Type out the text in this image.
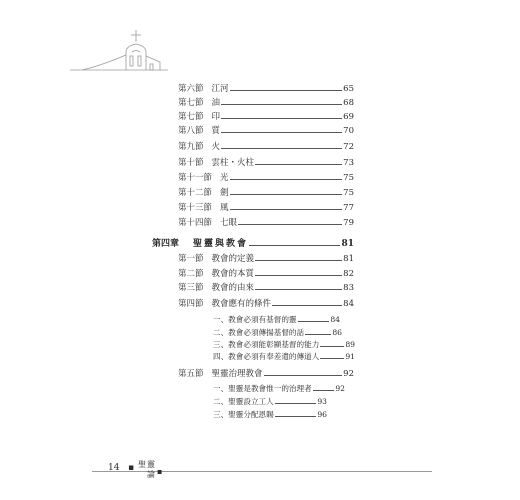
第六節 江河	65
第七節 油	68
第七節 印	69
第八節 質	70
第九節 火	72
第十節 雲柱・火柱	73
第十一節 光	75
第十二節 劍	75
第十三節 風	77
第十四節 七眼	79
第四章 聖靈與教會	81
第一節 教會的定義	81
第二節 教會的本質	82
第三節 教會的由來	83
第四節 教會應有的條件	84
一、教會必須有基督的靈	84
二、教會必須傳揚基督的話	86
三、教會必須能彰顯基督的能力	89
四、教會必須有奉差遣的傳道人	91
第五節 聖靈治理教會	92
一、聖靈是教會惟一的治理者	92
二、聖靈設立工人	93
三、聖靈分配恩賜	96
14 ▪ 聖靈
論 ▪
